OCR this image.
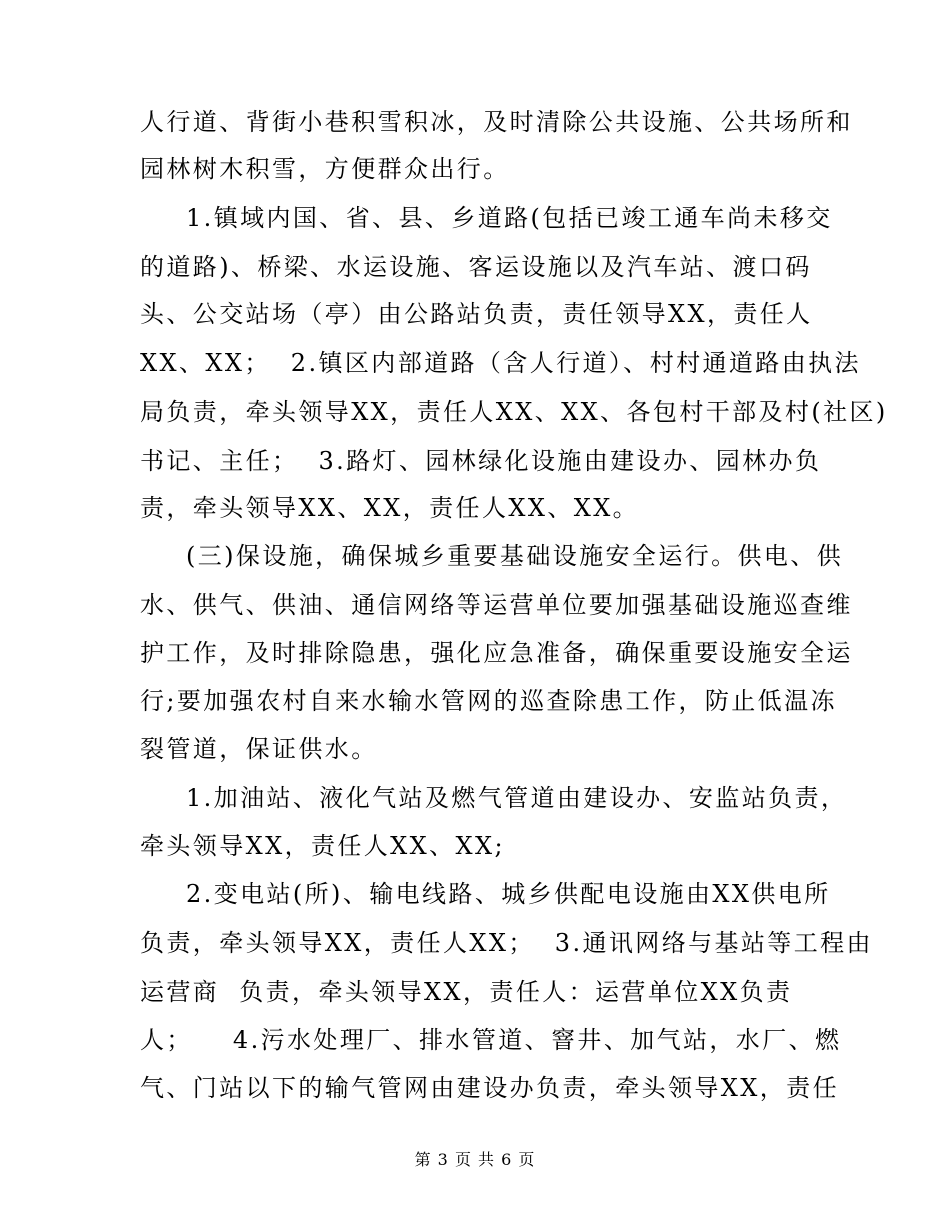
人行道、背街小巷积雪积冰，及时清除公共设施、公共场所和
园林树木积雪，方便群众出行。
1.镇域内国、省、县、乡道路(包括已竣工通车尚未移交
的道路)、桥梁、水运设施、客运设施以及汽车站、渡口码
头、公交站场（亭）由公路站负责，责任领导XX，责任人
XX、XX；  2.镇区内部道路（含人行道）、村村通道路由执法
局负责，牵头领导XX，责任人XX、XX、各包村干部及村(社区)
书记、主任；  3.路灯、园林绿化设施由建设办、园林办负
责，牵头领导XX、XX，责任人XX、XX。
(三)保设施，确保城乡重要基础设施安全运行。供电、供
水、供气、供油、通信网络等运营单位要加强基础设施巡查维
护工作，及时排除隐患，强化应急准备，确保重要设施安全运
行;要加强农村自来水输水管网的巡查除患工作，防止低温冻
裂管道，保证供水。
1.加油站、液化气站及燃气管道由建设办、安监站负责，
牵头领导XX，责任人XX、XX;
2.变电站(所)、输电线路、城乡供配电设施由XX供电所
负责，牵头领导XX，责任人XX；  3.通讯网络与基站等工程由
运营商  负责，牵头领导XX，责任人：运营单位XX负责
人；    4.污水处理厂、排水管道、窨井、加气站，水厂、燃
气、门站以下的输气管网由建设办负责，牵头领导XX，责任
第 3 页 共 6 页
